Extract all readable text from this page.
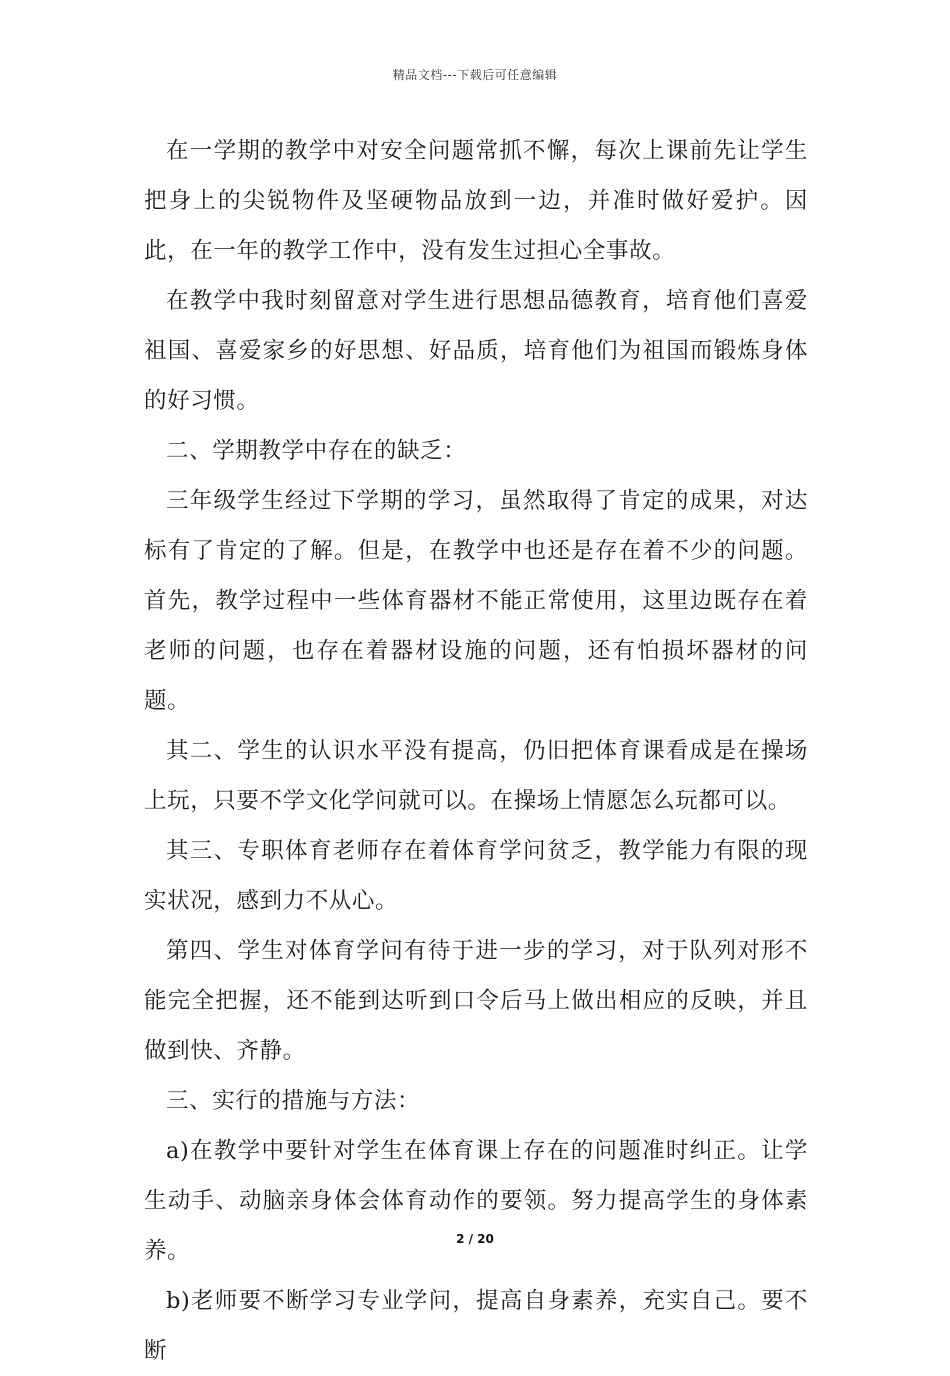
精品文档---下载后可任意编辑

在一学期的教学中对安全问题常抓不懈，每次上课前先让学生把身上的尖锐物件及坚硬物品放到一边，并准时做好爱护。因此，在一年的教学工作中，没有发生过担心全事故。

在教学中我时刻留意对学生进行思想品德教育，培育他们喜爱祖国、喜爱家乡的好思想、好品质，培育他们为祖国而锻炼身体的好习惯。

二、学期教学中存在的缺乏：

三年级学生经过下学期的学习，虽然取得了肯定的成果，对达标有了肯定的了解。但是，在教学中也还是存在着不少的问题。首先，教学过程中一些体育器材不能正常使用，这里边既存在着老师的问题，也存在着器材设施的问题，还有怕损坏器材的问题。

其二、学生的认识水平没有提高，仍旧把体育课看成是在操场上玩，只要不学文化学问就可以。在操场上情愿怎么玩都可以。

其三、专职体育老师存在着体育学问贫乏，教学能力有限的现实状况，感到力不从心。

第四、学生对体育学问有待于进一步的学习，对于队列对形不能完全把握，还不能到达听到口令后马上做出相应的反映，并且做到快、齐静。

三、实行的措施与方法：

a)在教学中要针对学生在体育课上存在的问题准时纠正。让学生动手、动脑亲身体会体育动作的要领。努力提高学生的身体素养。

b)老师要不断学习专业学问，提高自身素养，充实自己。要不断

2 / 20
